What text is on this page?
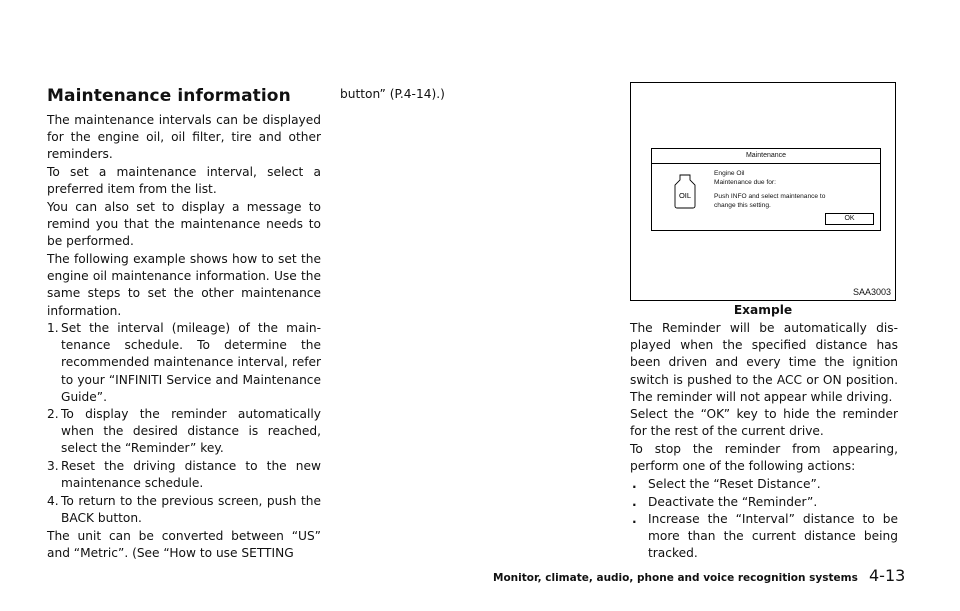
Maintenance information

The maintenance intervals can be displayed for the engine oil, oil filter, tire and other reminders.

To set a maintenance interval, select a preferred item from the list.

You can also set to display a message to remind you that the maintenance needs to be performed.

The following example shows how to set the engine oil maintenance information. Use the same steps to set the other maintenance information.

1. Set the interval (mileage) of the maintenance schedule. To determine the recommended maintenance interval, refer to your “INFINITI Service and Maintenance Guide”.
2. To display the reminder automatically when the desired distance is reached, select the “Reminder” key.
3. Reset the driving distance to the new maintenance schedule.
4. To return to the previous screen, push the BACK button.

The unit can be converted between “US” and “Metric”. (See “How to use SETTING

button” (P.4-14).)

Maintenance
OIL
Engine Oil
Maintenance due for:
Push INFO and select maintenance to
change this setting.
OK
SAA3003
Example

The Reminder will be automatically displayed when the specified distance has been driven and every time the ignition switch is pushed to the ACC or ON position. The reminder will not appear while driving.

Select the “OK” key to hide the reminder for the rest of the current drive.

To stop the reminder from appearing, perform one of the following actions:

. Select the “Reset Distance”.
. Deactivate the “Reminder”.
. Increase the “Interval” distance to be more than the current distance being tracked.
Monitor, climate, audio, phone and voice recognition systems 4-13
